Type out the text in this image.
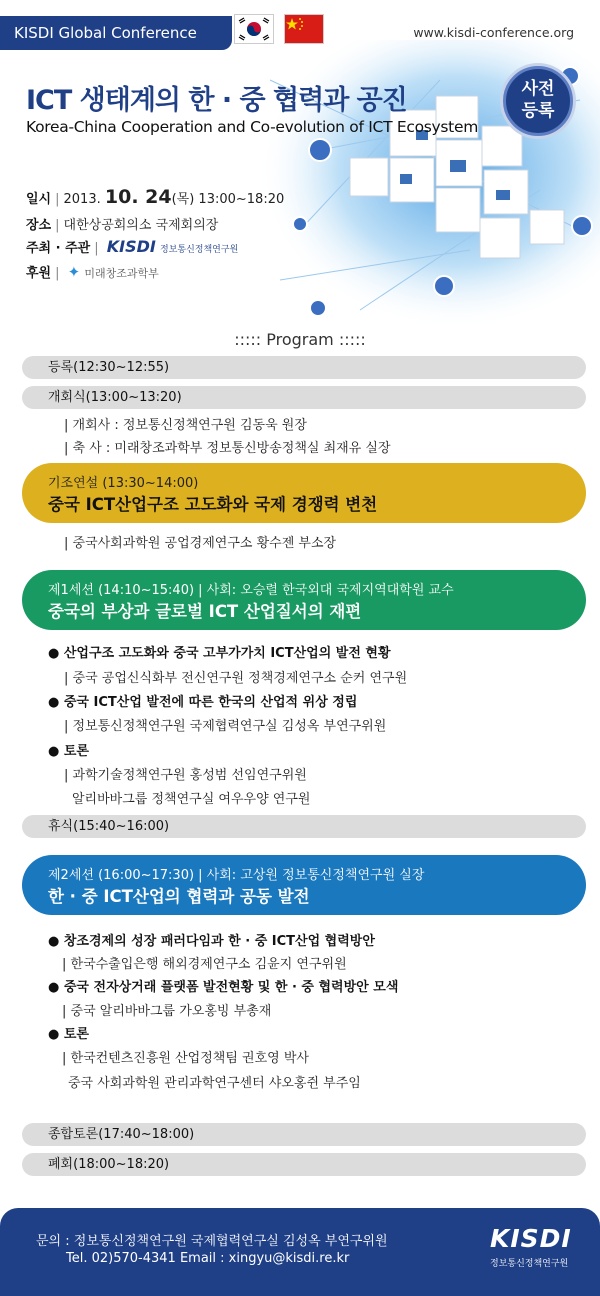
KISDI Global Conference 2013
www.kisdi-conference.org
ICT 생태계의 한 · 중 협력과 공진
Korea-China Cooperation and Co-evolution of ICT Ecosystem
사전
등록
일시 | 2013. 10. 24(목) 13:00~18:20
장소 | 대한상공회의소 국제회의장
주최 · 주관 | KISDI 정보통신정책연구원
후원 | ✦ 미래창조과학부
::::: Program :::::
등록(12:30~12:55)
개회식(13:00~13:20)
| 개회사 : 정보통신정책연구원 김동욱 원장
| 축 사 : 미래창조과학부 정보통신방송정책실 최재유 실장
기조연설 (13:30~14:00)
중국 ICT산업구조 고도화와 국제 경쟁력 변천
| 중국사회과학원 공업경제연구소 황수젠 부소장
제1세션 (14:10~15:40) | 사회: 오승렬 한국외대 국제지역대학원 교수
중국의 부상과 글로벌 ICT 산업질서의 재편
● 산업구조 고도화와 중국 고부가가치 ICT산업의 발전 현황
| 중국 공업신식화부 전신연구원 정책경제연구소 순커 연구원
● 중국 ICT산업 발전에 따른 한국의 산업적 위상 정립
| 정보통신정책연구원 국제협력연구실 김성옥 부연구위원
● 토론
| 과학기술정책연구원 홍성범 선임연구위원
알리바바그룹 정책연구실 여우우양 연구원
휴식(15:40~16:00)
제2세션 (16:00~17:30) | 사회: 고상원 정보통신정책연구원 실장
한 · 중 ICT산업의 협력과 공동 발전
● 창조경제의 성장 패러다임과 한 · 중 ICT산업 협력방안
| 한국수출입은행 해외경제연구소 김윤지 연구위원
● 중국 전자상거래 플랫폼 발전현황 및 한 · 중 협력방안 모색
| 중국 알리바바그룹 가오홍빙 부총재
● 토론
| 한국컨텐츠진흥원 산업정책팀 권호영 박사
중국 사회과학원 관리과학연구센터 샤오홍쥔 부주임
종합토론(17:40~18:00)
폐회(18:00~18:20)
문의 : 정보통신정책연구원 국제협력연구실 김성옥 부연구위원
Tel. 02)570-4341 Email : xingyu@kisdi.re.kr
KISDI
정보통신정책연구원
